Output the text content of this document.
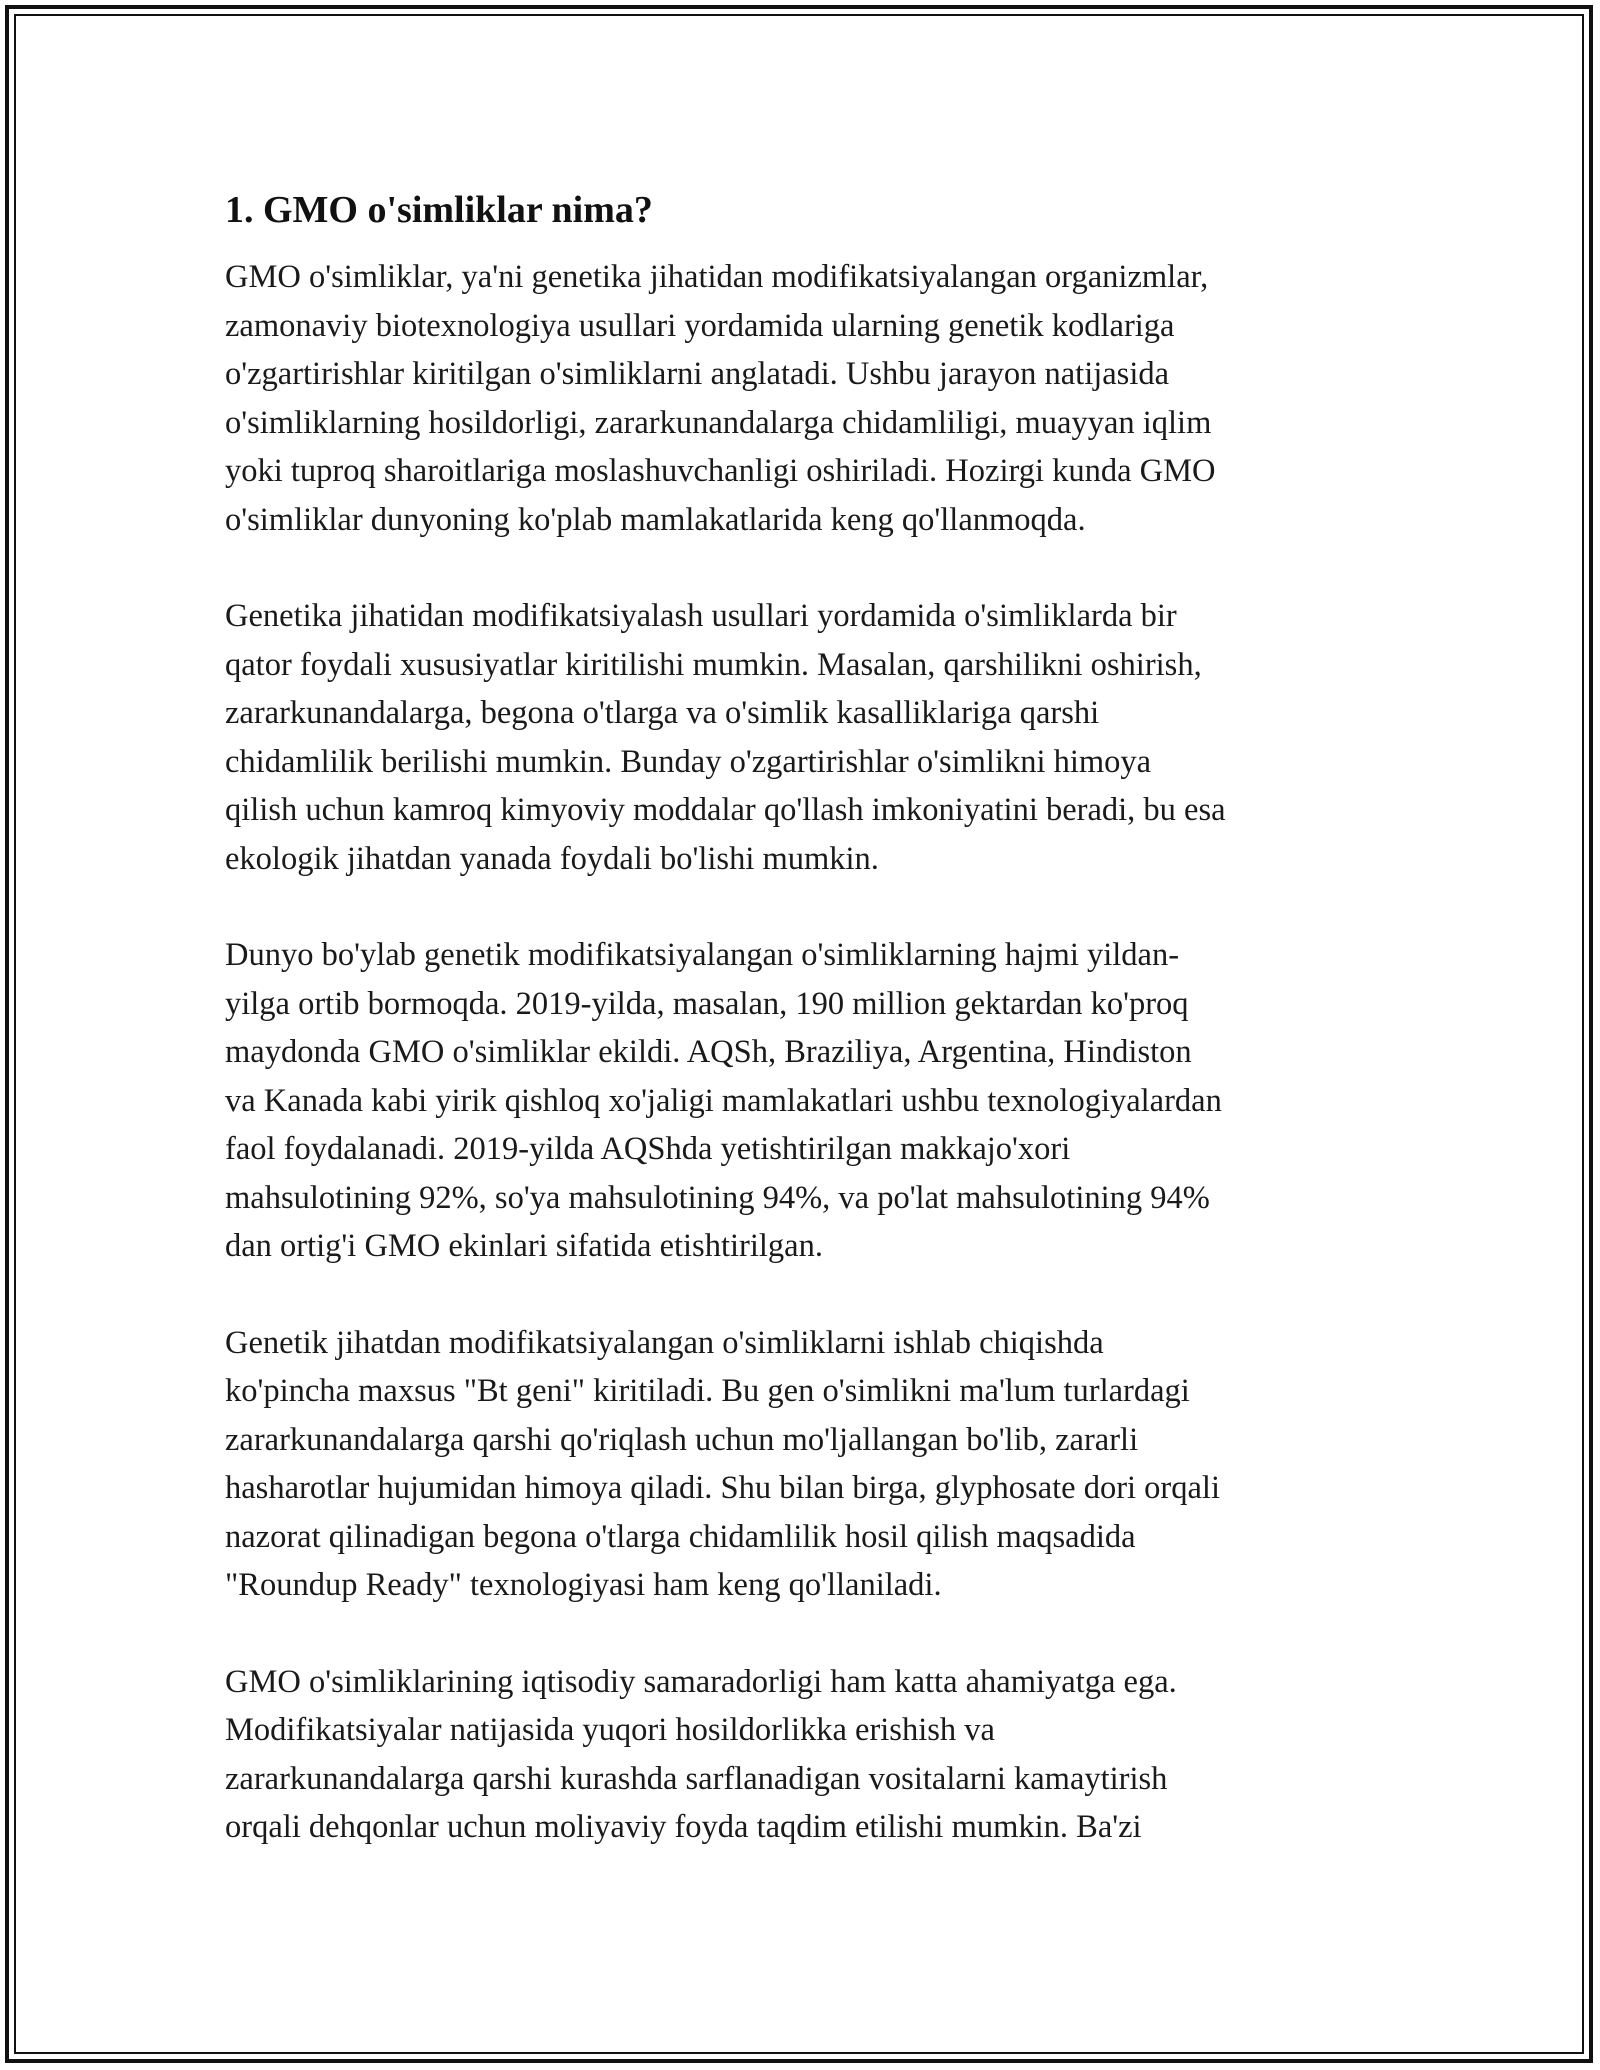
1. GMO o'simliklar nima?

GMO o'simliklar, ya'ni genetika jihatidan modifikatsiyalangan organizmlar,
zamonaviy biotexnologiya usullari yordamida ularning genetik kodlariga
o'zgartirishlar kiritilgan o'simliklarni anglatadi. Ushbu jarayon natijasida
o'simliklarning hosildorligi, zararkunandalarga chidamliligi, muayyan iqlim
yoki tuproq sharoitlariga moslashuvchanligi oshiriladi. Hozirgi kunda GMO
o'simliklar dunyoning ko'plab mamlakatlarida keng qo'llanmoqda.

Genetika jihatidan modifikatsiyalash usullari yordamida o'simliklarda bir
qator foydali xususiyatlar kiritilishi mumkin. Masalan, qarshilikni oshirish,
zararkunandalarga, begona o'tlarga va o'simlik kasalliklariga qarshi
chidamlilik berilishi mumkin. Bunday o'zgartirishlar o'simlikni himoya
qilish uchun kamroq kimyoviy moddalar qo'llash imkoniyatini beradi, bu esa
ekologik jihatdan yanada foydali bo'lishi mumkin.

Dunyo bo'ylab genetik modifikatsiyalangan o'simliklarning hajmi yildan-
yilga ortib bormoqda. 2019-yilda, masalan, 190 million gektardan ko'proq
maydonda GMO o'simliklar ekildi. AQSh, Braziliya, Argentina, Hindiston
va Kanada kabi yirik qishloq xo'jaligi mamlakatlari ushbu texnologiyalardan
faol foydalanadi. 2019-yilda AQShda yetishtirilgan makkajo'xori
mahsulotining 92%, so'ya mahsulotining 94%, va po'lat mahsulotining 94%
dan ortig'i GMO ekinlari sifatida etishtirilgan.

Genetik jihatdan modifikatsiyalangan o'simliklarni ishlab chiqishda
ko'pincha maxsus "Bt geni" kiritiladi. Bu gen o'simlikni ma'lum turlardagi
zararkunandalarga qarshi qo'riqlash uchun mo'ljallangan bo'lib, zararli
hasharotlar hujumidan himoya qiladi. Shu bilan birga, glyphosate dori orqali
nazorat qilinadigan begona o'tlarga chidamlilik hosil qilish maqsadida
"Roundup Ready" texnologiyasi ham keng qo'llaniladi.

GMO o'simliklarining iqtisodiy samaradorligi ham katta ahamiyatga ega.
Modifikatsiyalar natijasida yuqori hosildorlikka erishish va
zararkunandalarga qarshi kurashda sarflanadigan vositalarni kamaytirish
orqali dehqonlar uchun moliyaviy foyda taqdim etilishi mumkin. Ba'zi
